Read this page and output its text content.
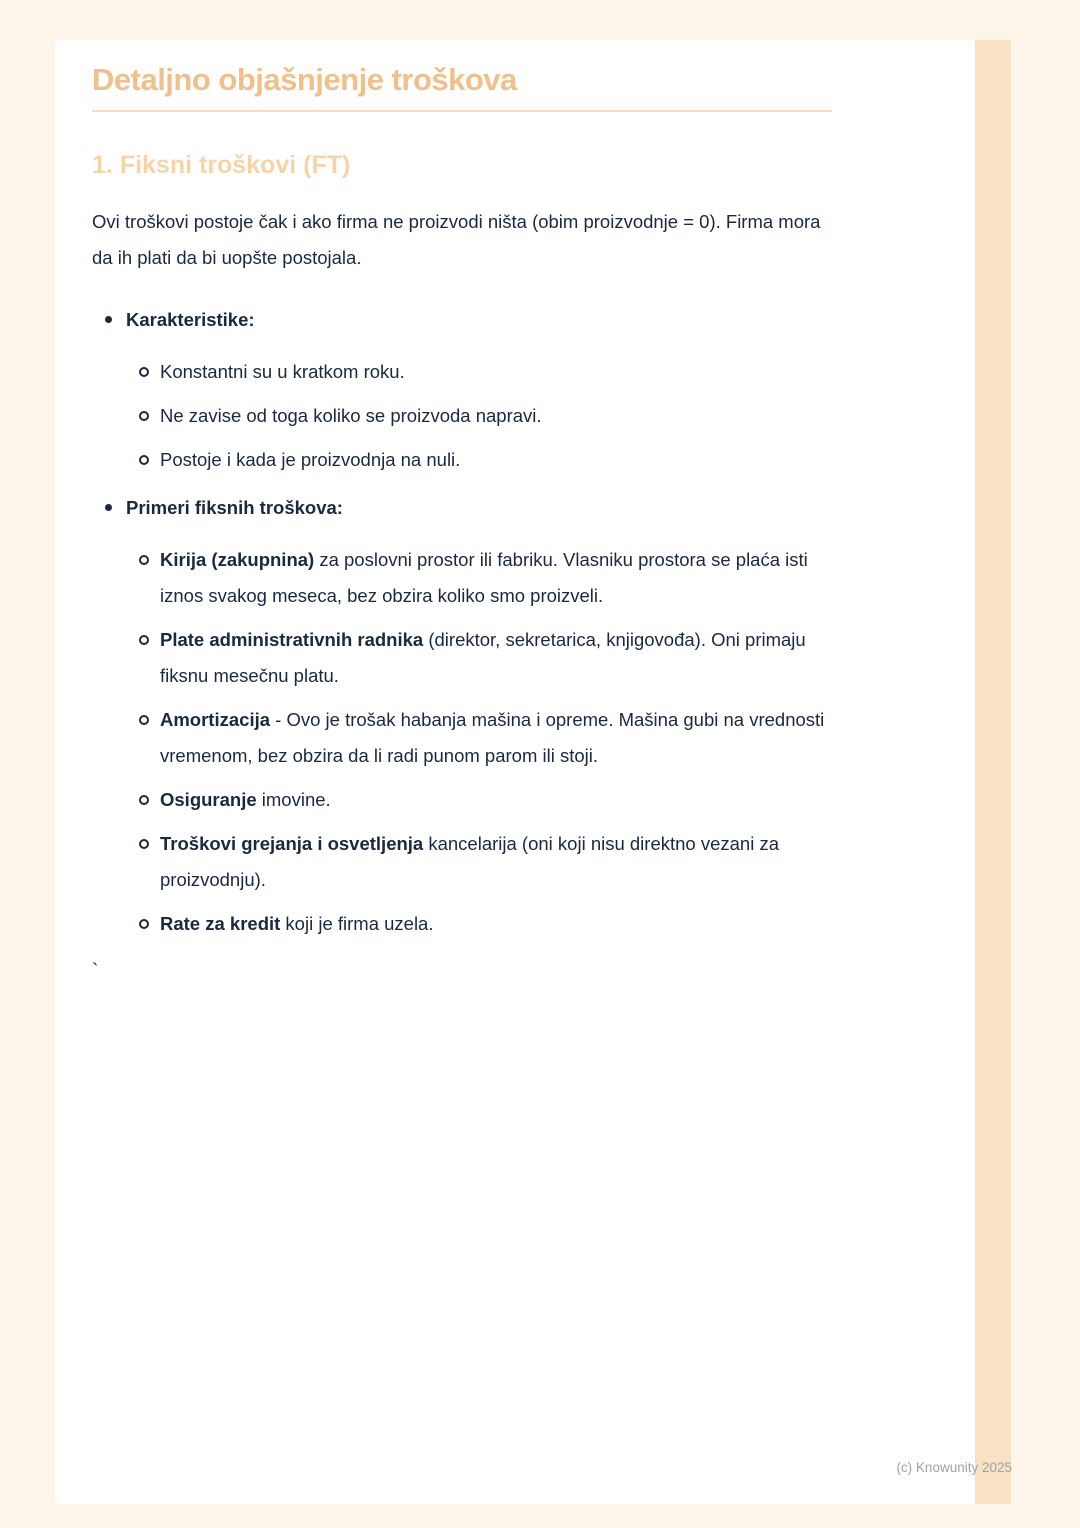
Detaljno objašnjenje troškova
1. Fiksni troškovi (FT)

Ovi troškovi postoje čak i ako firma ne proizvodi ništa (obim proizvodnje = 0). Firma mora da ih plati da bi uopšte postojala.

Karakteristike:
Konstantni su u kratkom roku.
Ne zavise od toga koliko se proizvoda napravi.
Postoje i kada je proizvodnja na nuli.
Primeri fiksnih troškova:
Kirija (zakupnina) za poslovni prostor ili fabriku. Vlasniku prostora se plaća isti iznos svakog meseca, bez obzira koliko smo proizveli.
Plate administrativnih radnika (direktor, sekretarica, knjigovođa). Oni primaju fiksnu mesečnu platu.
Amortizacija - Ovo je trošak habanja mašina i opreme. Mašina gubi na vrednosti vremenom, bez obzira da li radi punom parom ili stoji.
Osiguranje imovine.
Troškovi grejanja i osvetljenja kancelarija (oni koji nisu direktno vezani za proizvodnju).
Rate za kredit koji je firma uzela.
`
(c) Knowunity 2025
